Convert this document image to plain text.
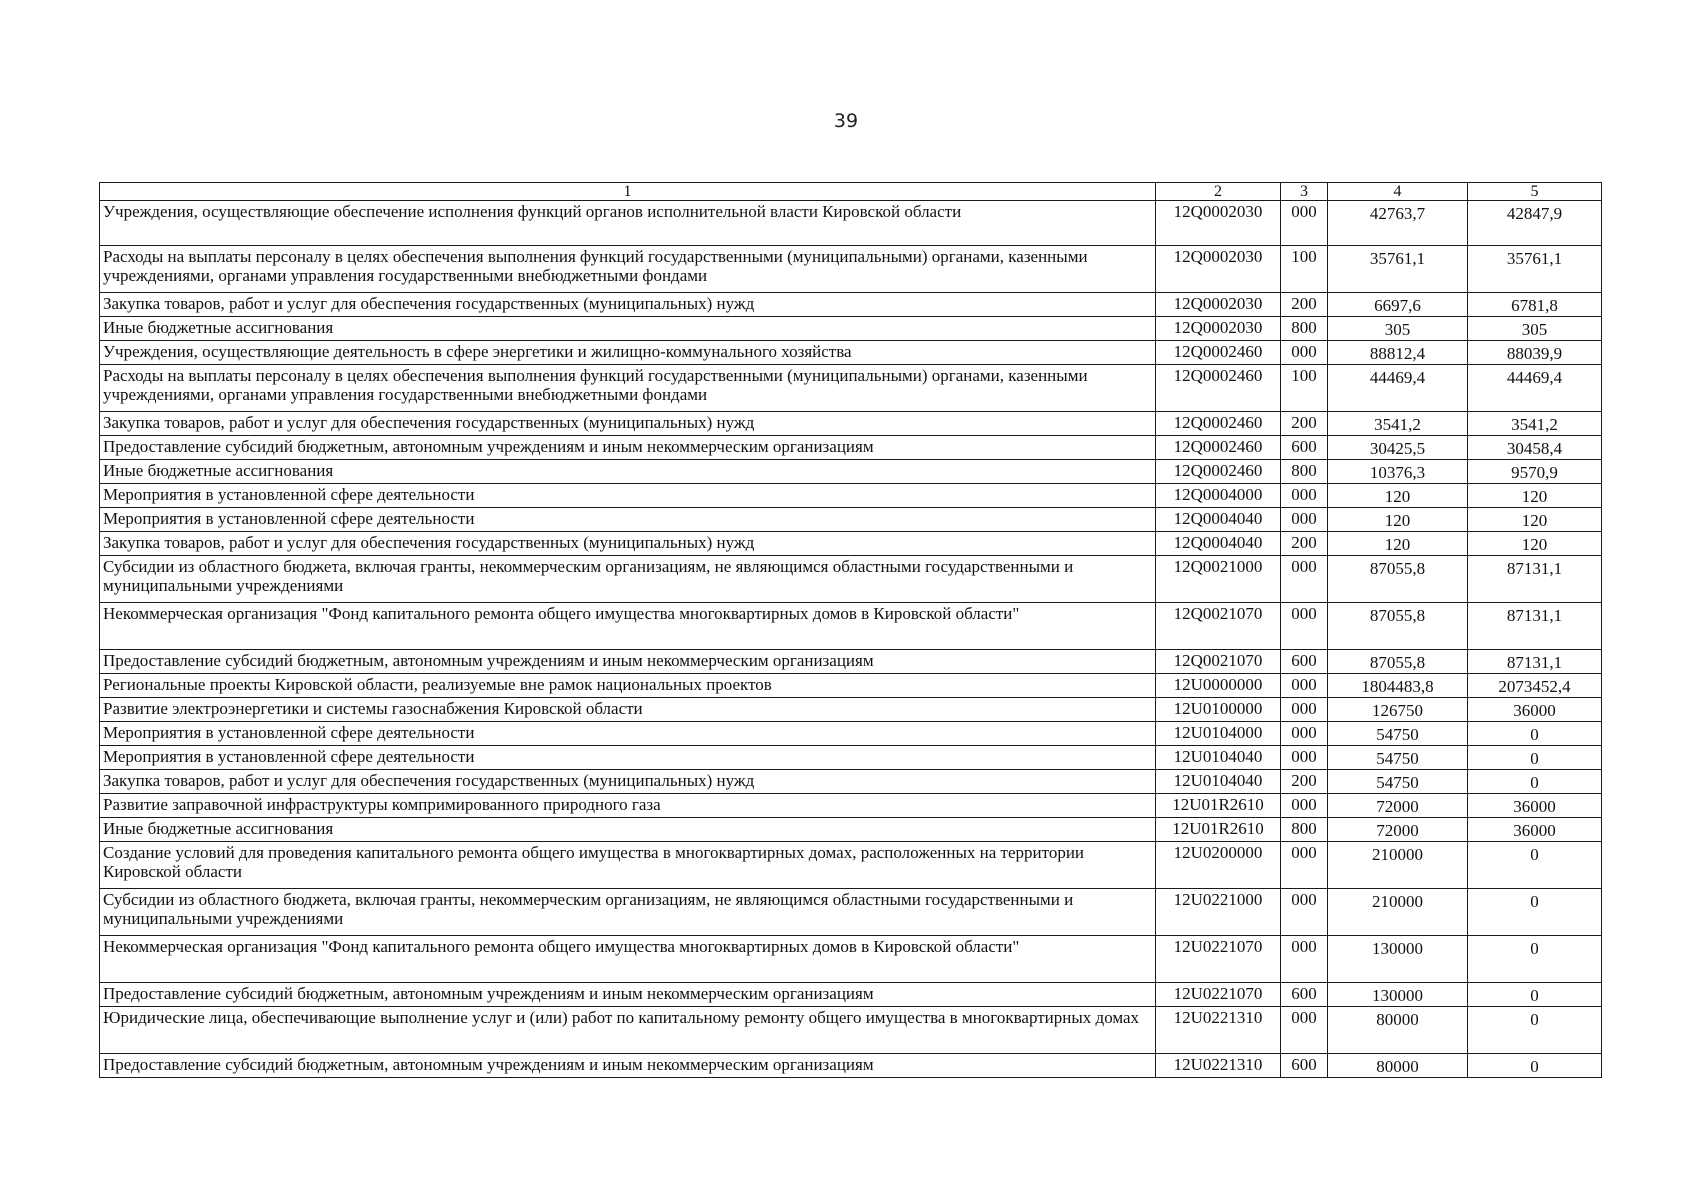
39
1	2	3	4	5
Учреждения, осуществляющие обеспечение исполнения функций органов исполнительной власти Кировской области	12Q0002030	000	42763,7	42847,9
Расходы на выплаты персоналу в целях обеспечения выполнения функций государственными (муниципальными) органами, казенными учреждениями, органами управления государственными внебюджетными фондами	12Q0002030	100	35761,1	35761,1
Закупка товаров, работ и услуг для обеспечения государственных (муниципальных) нужд	12Q0002030	200	6697,6	6781,8
Иные бюджетные ассигнования	12Q0002030	800	305	305
Учреждения, осуществляющие деятельность в сфере энергетики и жилищно-коммунального хозяйства	12Q0002460	000	88812,4	88039,9
Расходы на выплаты персоналу в целях обеспечения выполнения функций государственными (муниципальными) органами, казенными учреждениями, органами управления государственными внебюджетными фондами	12Q0002460	100	44469,4	44469,4
Закупка товаров, работ и услуг для обеспечения государственных (муниципальных) нужд	12Q0002460	200	3541,2	3541,2
Предоставление субсидий бюджетным, автономным учреждениям и иным некоммерческим организациям	12Q0002460	600	30425,5	30458,4
Иные бюджетные ассигнования	12Q0002460	800	10376,3	9570,9
Мероприятия в установленной сфере деятельности	12Q0004000	000	120	120
Мероприятия в установленной сфере деятельности	12Q0004040	000	120	120
Закупка товаров, работ и услуг для обеспечения государственных (муниципальных) нужд	12Q0004040	200	120	120
Субсидии из областного бюджета, включая гранты, некоммерческим организациям, не являющимся областными государственными и муниципальными учреждениями	12Q0021000	000	87055,8	87131,1
Некоммерческая организация "Фонд капитального ремонта общего имущества многоквартирных домов в Кировской области"	12Q0021070	000	87055,8	87131,1
Предоставление субсидий бюджетным, автономным учреждениям и иным некоммерческим организациям	12Q0021070	600	87055,8	87131,1
Региональные проекты Кировской области, реализуемые вне рамок национальных проектов	12U0000000	000	1804483,8	2073452,4
Развитие электроэнергетики и системы газоснабжения Кировской области	12U0100000	000	126750	36000
Мероприятия в установленной сфере деятельности	12U0104000	000	54750	0
Мероприятия в установленной сфере деятельности	12U0104040	000	54750	0
Закупка товаров, работ и услуг для обеспечения государственных (муниципальных) нужд	12U0104040	200	54750	0
Развитие заправочной инфраструктуры компримированного природного газа	12U01R2610	000	72000	36000
Иные бюджетные ассигнования	12U01R2610	800	72000	36000
Создание условий для проведения капитального ремонта общего имущества в многоквартирных домах, расположенных на территории Кировской области	12U0200000	000	210000	0
Субсидии из областного бюджета, включая гранты, некоммерческим организациям, не являющимся областными государственными и муниципальными учреждениями	12U0221000	000	210000	0
Некоммерческая организация "Фонд капитального ремонта общего имущества многоквартирных домов в Кировской области"	12U0221070	000	130000	0
Предоставление субсидий бюджетным, автономным учреждениям и иным некоммерческим организациям	12U0221070	600	130000	0
Юридические лица, обеспечивающие выполнение услуг и (или) работ по капитальному ремонту общего имущества в многоквартирных домах	12U0221310	000	80000	0
Предоставление субсидий бюджетным, автономным учреждениям и иным некоммерческим организациям	12U0221310	600	80000	0
